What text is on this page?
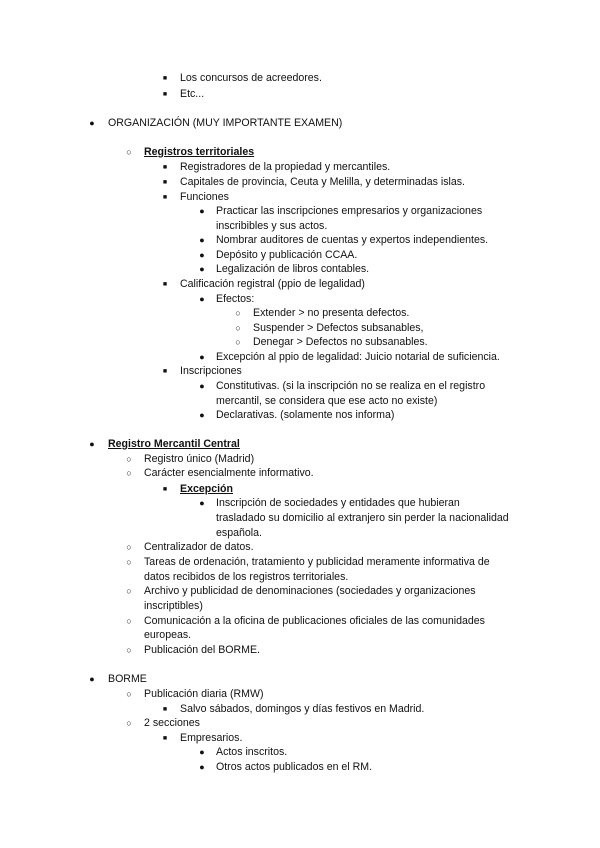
■	Los concursos de acreedores.
■	Etc...
●	ORGANIZACIÓN (MUY IMPORTANTE EXAMEN)
○	Registros territoriales
■	Registradores de la propiedad y mercantiles.
■	Capitales de provincia, Ceuta y Melilla, y determinadas islas.
■	Funciones
●	Practicar las inscripciones empresarios y organizaciones
inscribibles y sus actos.
●	Nombrar auditores de cuentas y expertos independientes.
●	Depósito y publicación CCAA.
●	Legalización de libros contables.
■	Calificación registral (ppio de legalidad)
●	Efectos:
○	Extender > no presenta defectos.
○	Suspender > Defectos subsanables,
○	Denegar > Defectos no subsanables.
●	Excepción al ppio de legalidad: Juicio notarial de suficiencia.
■	Inscripciones
●	Constitutivas. (si la inscripción no se realiza en el registro
mercantil, se considera que ese acto no existe)
●	Declarativas. (solamente nos informa)
●	Registro Mercantil Central
○	Registro único (Madrid)
○	Carácter esencialmente informativo.
■	Excepción
●	Inscripción de sociedades y entidades que hubieran
trasladado su domicilio al extranjero sin perder la nacionalidad
española.
○	Centralizador de datos.
○	Tareas de ordenación, tratamiento y publicidad meramente informativa de
datos recibidos de los registros territoriales.
○	Archivo y publicidad de denominaciones (sociedades y organizaciones
inscriptibles)
○	Comunicación a la oficina de publicaciones oficiales de las comunidades
europeas.
○	Publicación del BORME.
●	BORME
○	Publicación diaria (RMW)
■	Salvo sábados, domingos y días festivos en Madrid.
○	2 secciones
■	Empresarios.
●	Actos inscritos.
●	Otros actos publicados en el RM.
